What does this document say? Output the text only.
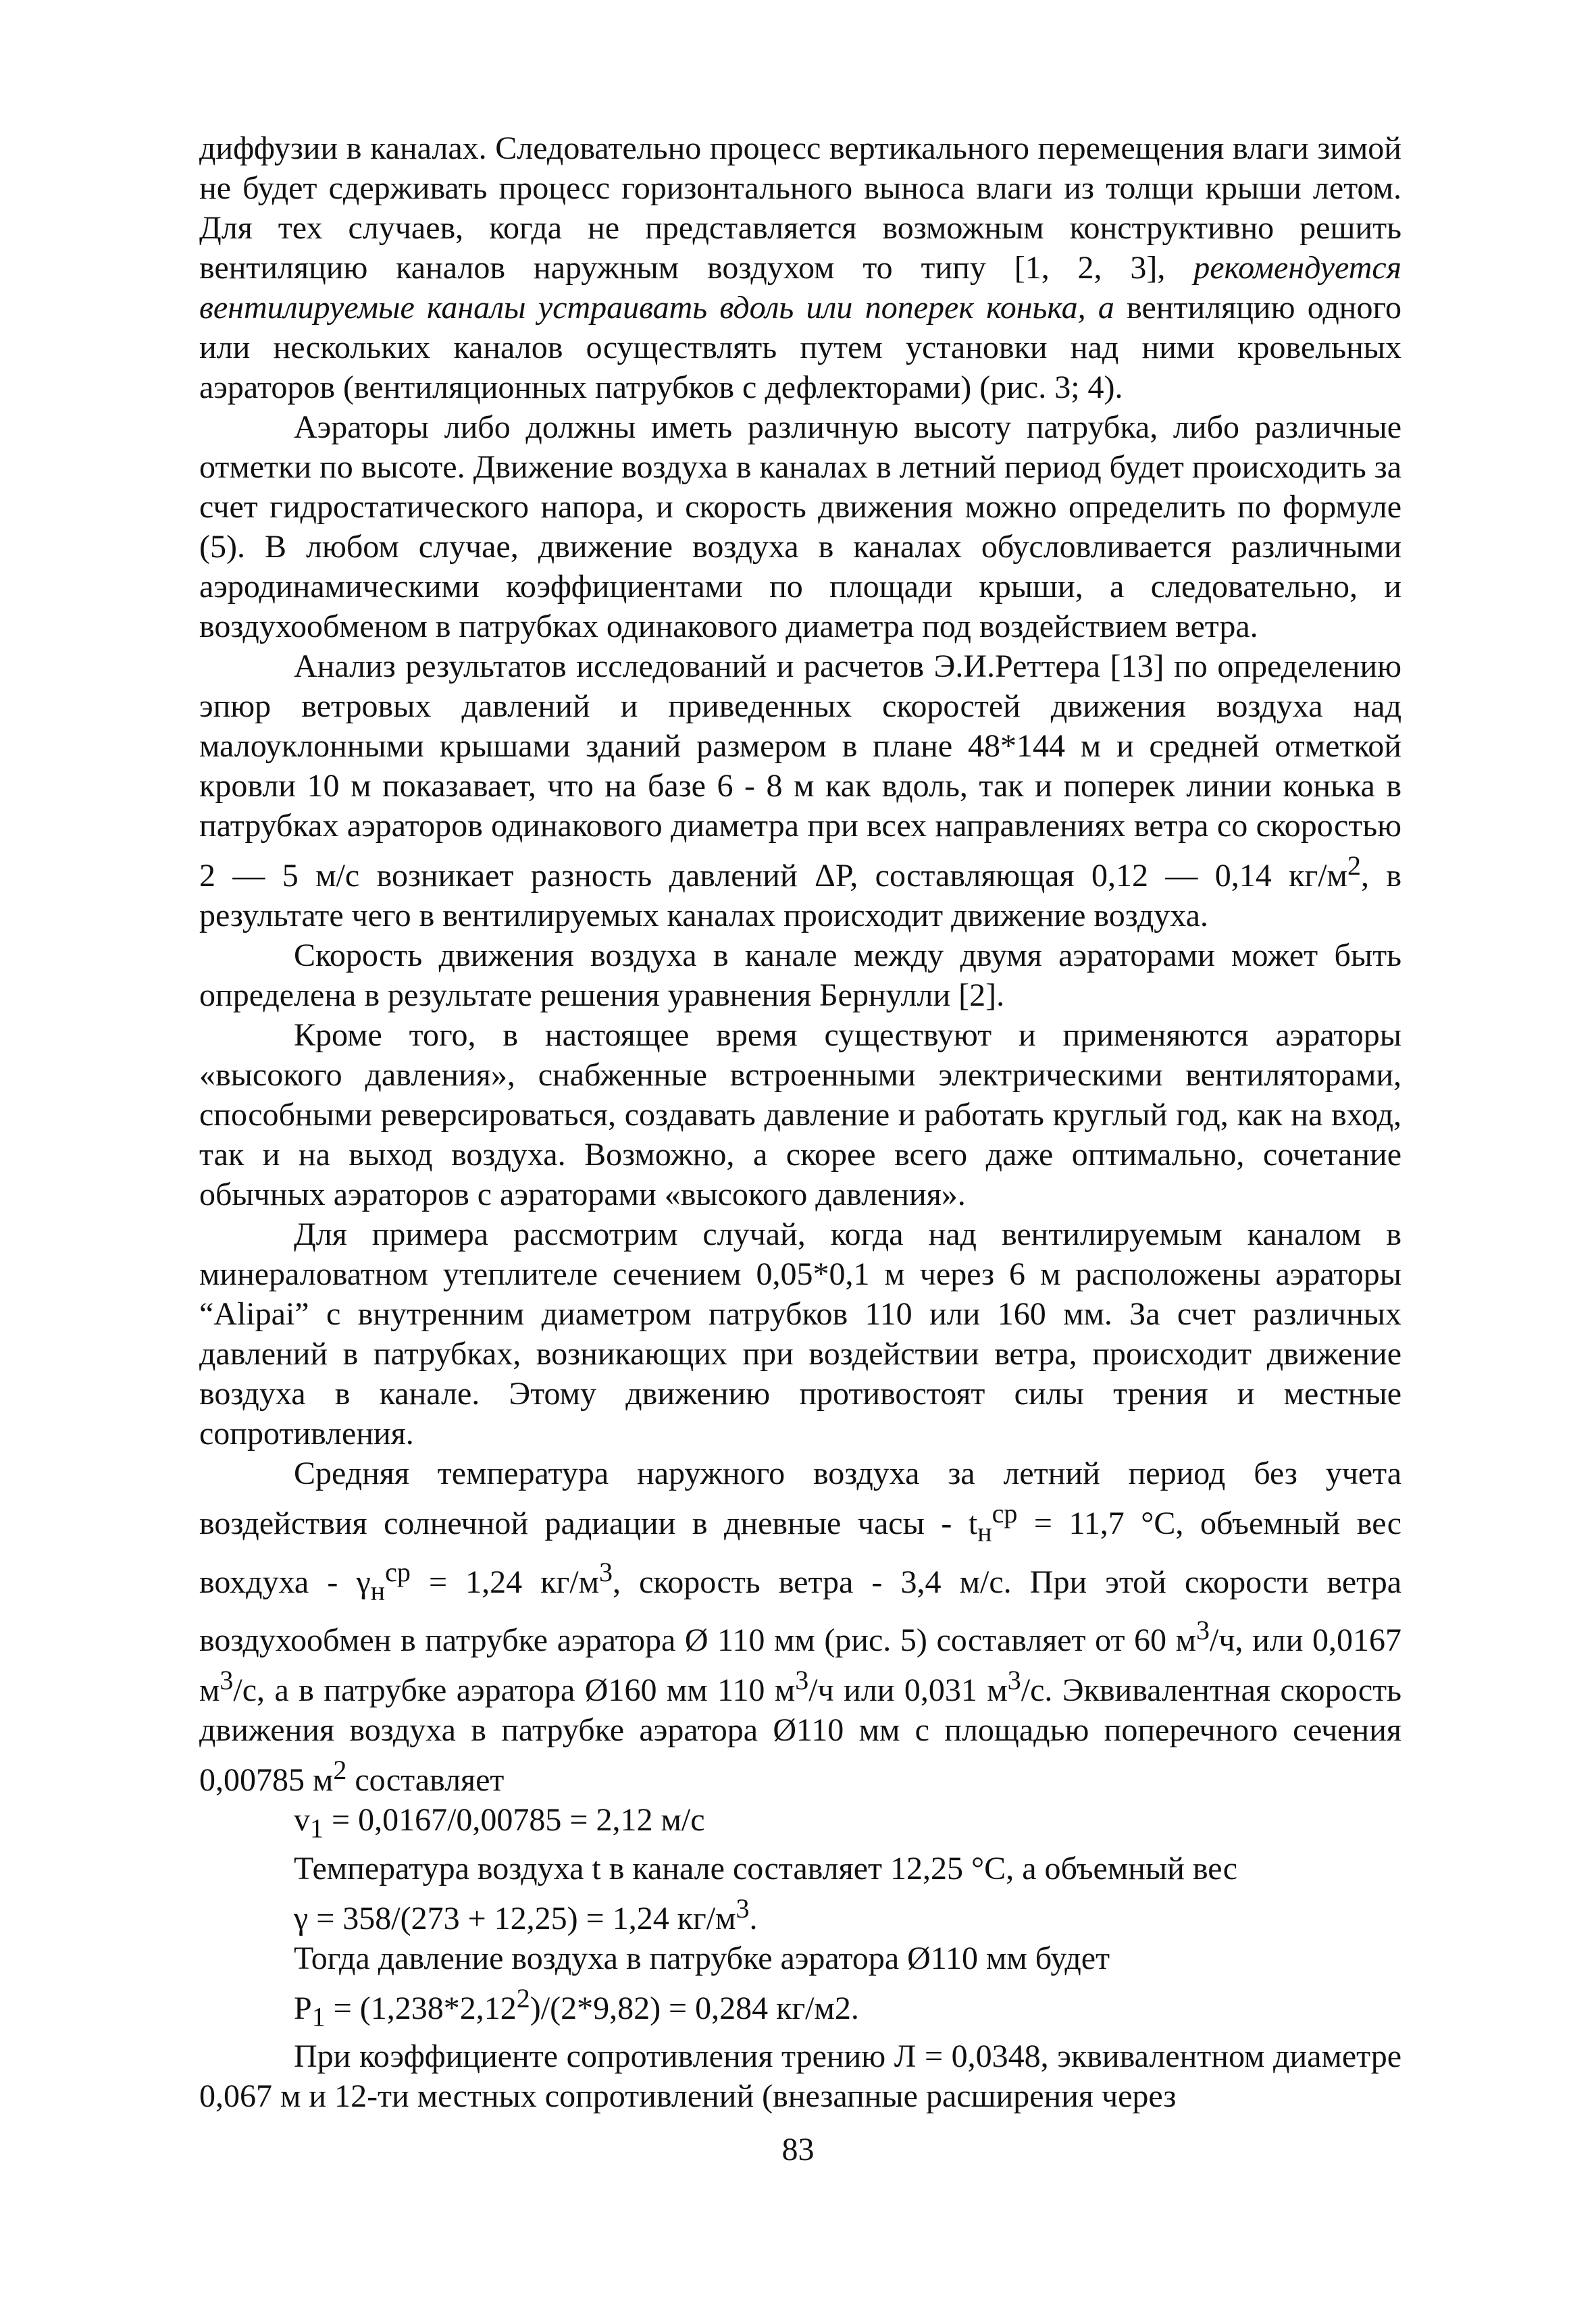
диффузии в каналах. Следовательно процесс вертикального перемещения влаги зимой не будет сдерживать процесс горизонтального выноса влаги из толщи крыши летом. Для тех случаев, когда не представляется возможным конструктивно решить вентиляцию каналов наружным воздухом то типу [1, 2, 3], рекомендуется вентилируемые каналы устраивать вдоль или поперек конька, а вентиляцию одного или нескольких каналов осуществлять путем установки над ними кровельных аэраторов (вентиляционных патрубков с дефлекторами) (рис. 3; 4).

Аэраторы либо должны иметь различную высоту патрубка, либо различные отметки по высоте. Движение воздуха в каналах в летний период будет происходить за счет гидростатического напора, и скорость движения можно определить по формуле (5). В любом случае, движение воздуха в каналах обусловливается различными аэродинамическими коэффициентами по площади крыши, а следовательно, и воздухообменом в патрубках одинакового диаметра под воздействием ветра.

Анализ результатов исследований и расчетов Э.И.Реттера [13] по определению эпюр ветровых давлений и приведенных скоростей движения воздуха над малоуклонными крышами зданий размером в плане 48*144 м и средней отметкой кровли 10 м показавает, что на базе 6 - 8 м как вдоль, так и поперек линии конька в патрубках аэраторов одинакового диаметра при всех направлениях ветра со скоростью 2 — 5 м/с возникает разность давлений ΔP, составляющая 0,12 — 0,14 $кг/м^2$, в результате чего в вентилируемых каналах происходит движение воздуха.

Скорость движения воздуха в канале между двумя аэраторами может быть определена в результате решения уравнения Бернулли [2].

Кроме того, в настоящее время существуют и применяются аэраторы «высокого давления», снабженные встроенными электрическими вентиляторами, способными реверсироваться, создавать давление и работать круглый год, как на вход, так и на выход воздуха. Возможно, а скорее всего даже оптимально, сочетание обычных аэраторов с аэраторами «высокого давления».

Для примера рассмотрим случай, когда над вентилируемым каналом в минераловатном утеплителе сечением 0,05*0,1 м через 6 м расположены аэраторы “Alipai” с внутренним диаметром патрубков 110 или 160 мм. За счет различных давлений в патрубках, возникающих при воздействии ветра, происходит движение воздуха в канале. Этому движению противостоят силы трения и местные сопротивления.

Средняя температура наружного воздуха за летний период без учета воздействия солнечной радиации в дневные часы - $t_н^{ср} = 11,7$ °С, объемный вес вохдуха - $\gamma_н^{ср} = 1,24$ $кг/м^3$, скорость ветра - 3,4 м/с. При этой скорости ветра воздухообмен в патрубке аэратора Ø 110 мм (рис. 5) составляет от 60 $м^3/ч$, или 0,0167 $м^3/с$, а в патрубке аэратора Ø160 мм 110 $м^3/ч$ или 0,031 $м^3/с$. Эквивалентная скорость движения воздуха в патрубке аэратора Ø110 мм с площадью поперечного сечения 0,00785 $м^2$ составляет

$v_1 = 0,0167/0,00785 = 2,12$ м/с

Температура воздуха t в канале составляет 12,25 °С, а объемный вес

γ = 358/(273 + 12,25) = 1,24 $кг/м^3$.

Тогда давление воздуха в патрубке аэратора Ø110 мм будет

$P_1 = (1,238*2,12^2)/(2*9,82) = 0,284$ кг/м2.

При коэффициенте сопротивления трению Л = 0,0348, эквивалентном диаметре 0,067 м и 12-ти местных сопротивлений (внезапные расширения через

83
